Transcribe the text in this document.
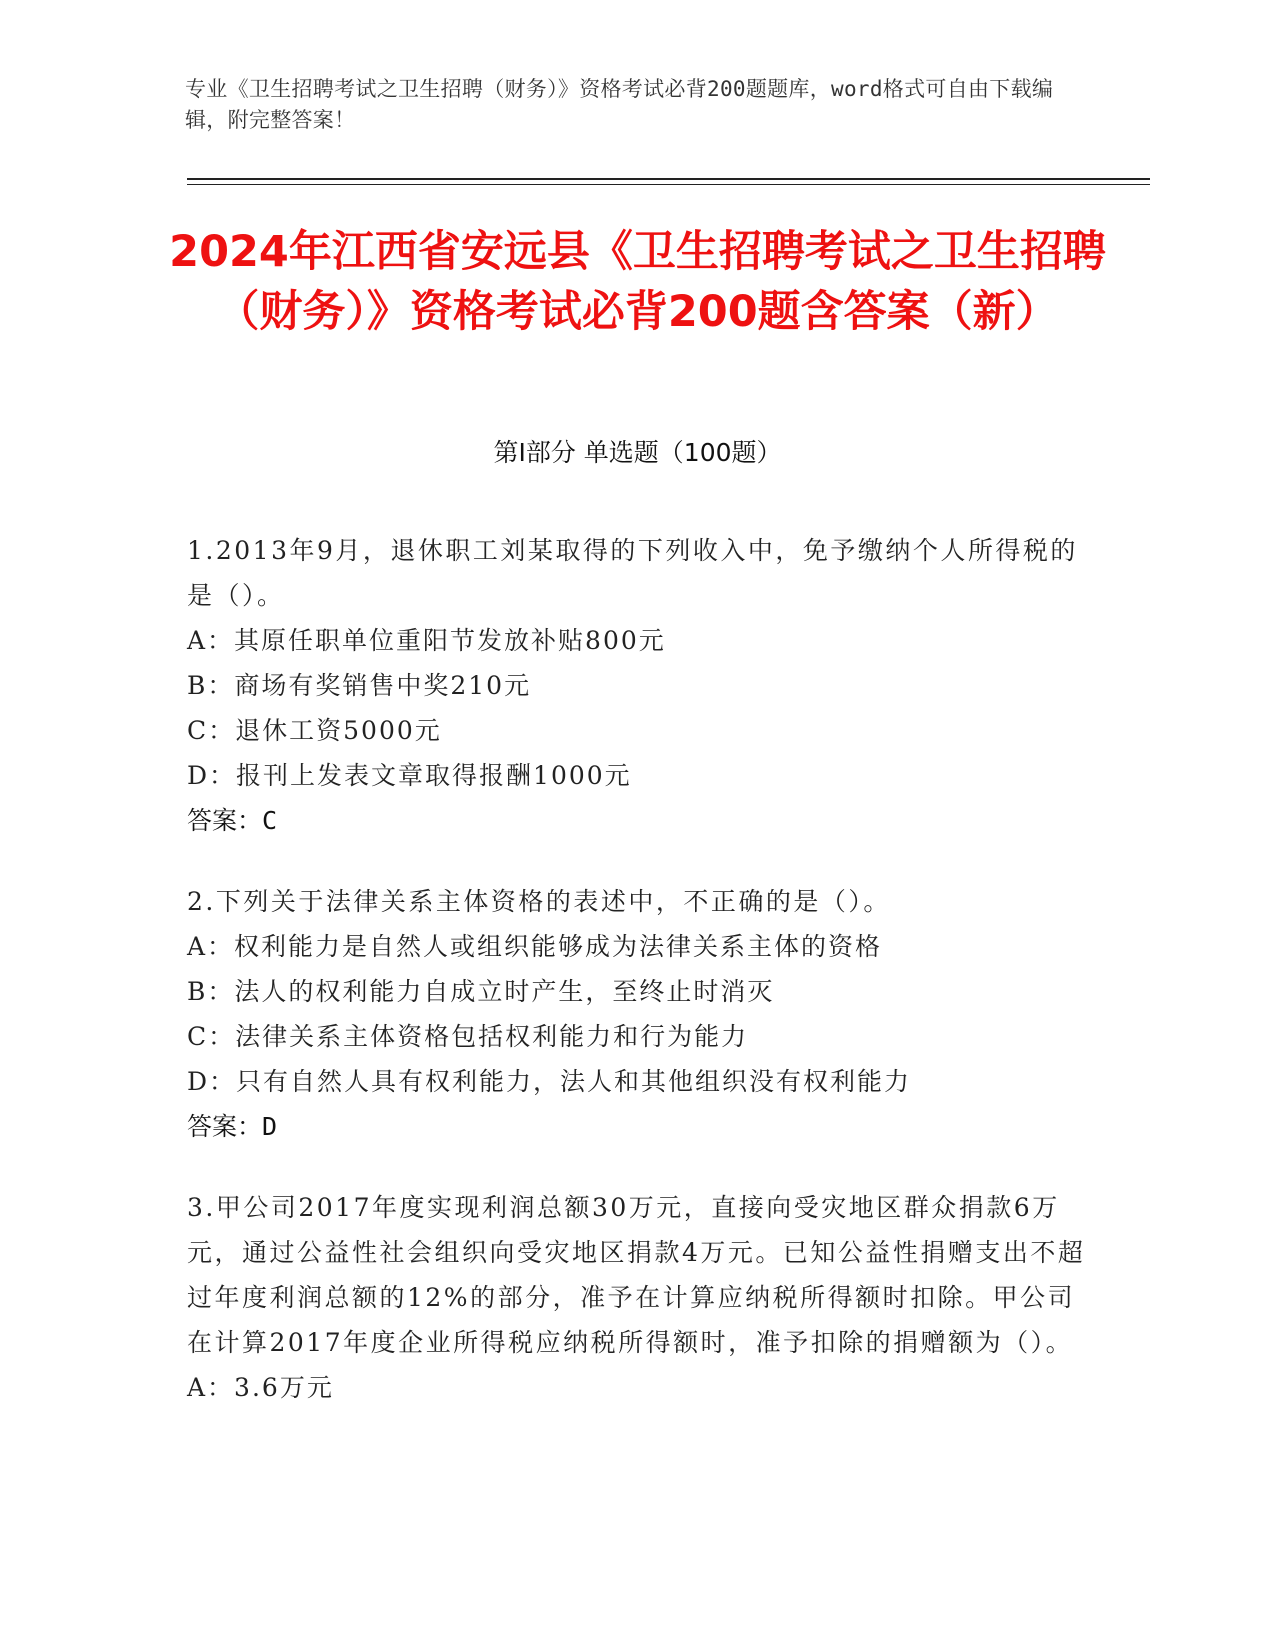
专业《卫生招聘考试之卫生招聘（财务）》资格考试必背200题题库，word格式可自由下载编辑，附完整答案！
2024年江西省安远县《卫生招聘考试之卫生招聘（财务）》资格考试必背200题含答案（新）
第I部分 单选题（100题）
1.2013年9月，退休职工刘某取得的下列收入中，免予缴纳个人所得税的是（）。
A：其原任职单位重阳节发放补贴800元
B：商场有奖销售中奖210元
C：退休工资5000元
D：报刊上发表文章取得报酬1000元
答案：C
2.下列关于法律关系主体资格的表述中，不正确的是（）。
A：权利能力是自然人或组织能够成为法律关系主体的资格
B：法人的权利能力自成立时产生，至终止时消灭
C：法律关系主体资格包括权利能力和行为能力
D：只有自然人具有权利能力，法人和其他组织没有权利能力
答案：D
3.甲公司2017年度实现利润总额30万元，直接向受灾地区群众捐款6万元，通过公益性社会组织向受灾地区捐款4万元。已知公益性捐赠支出不超过年度利润总额的12%的部分，准予在计算应纳税所得额时扣除。甲公司在计算2017年度企业所得税应纳税所得额时，准予扣除的捐赠额为（）。
A：3.6万元
